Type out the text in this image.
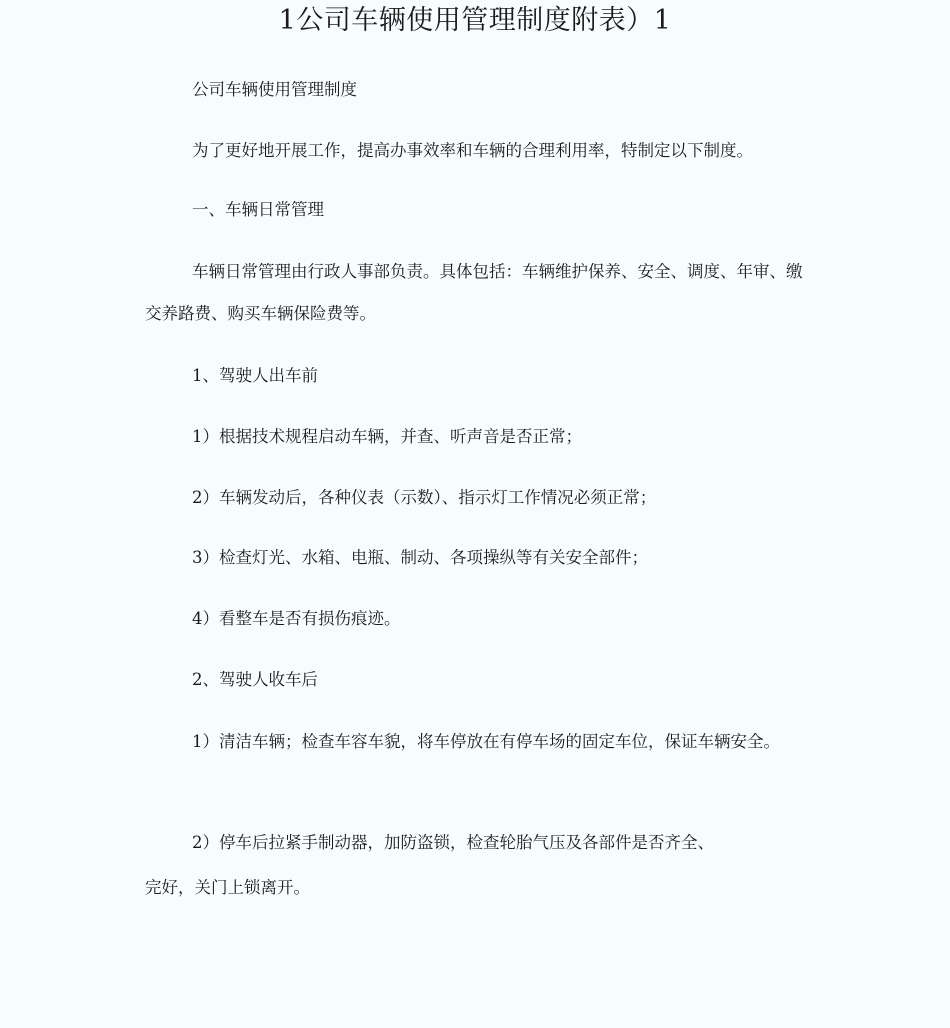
1公司车辆使用管理制度附表）1

公司车辆使用管理制度

为了更好地开展工作，提高办事效率和车辆的合理利用率，特制定以下制度。

一、车辆日常管理

车辆日常管理由行政人事部负责。具体包括：车辆维护保养、安全、调度、年审、缴交养路费、购买车辆保险费等。

1、驾驶人出车前

1）根据技术规程启动车辆，并查、听声音是否正常；

2）车辆发动后，各种仪表（示数）、指示灯工作情况必须正常；

3）检查灯光、水箱、电瓶、制动、各项操纵等有关安全部件；

4）看整车是否有损伤痕迹。

2、驾驶人收车后

1）清洁车辆；检查车容车貌，将车停放在有停车场的固定车位，保证车辆安全。

2）停车后拉紧手制动器，加防盗锁，检查轮胎气压及各部件是否齐全、

完好，关门上锁离开。
